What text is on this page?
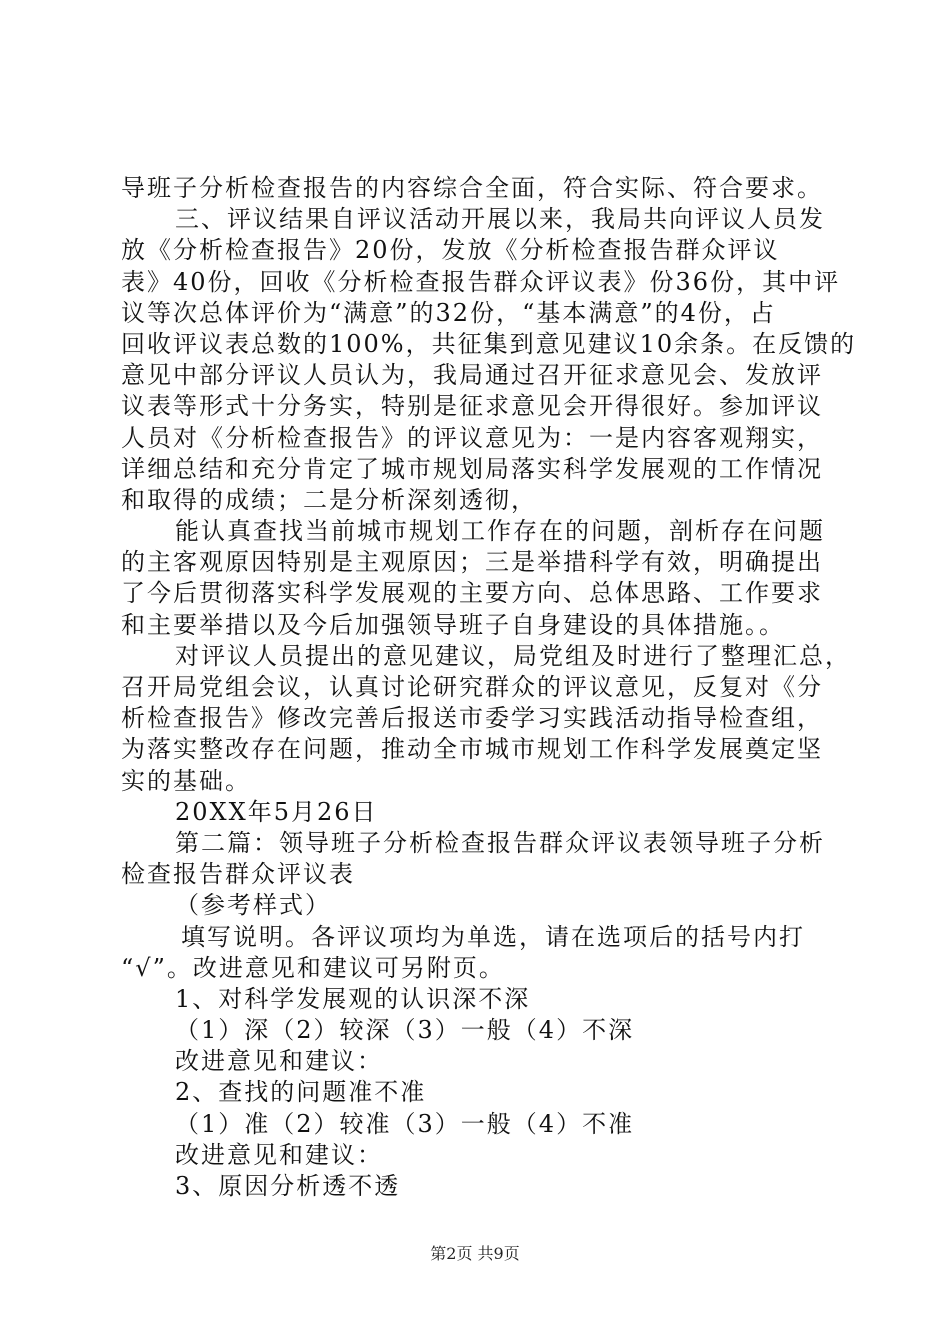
导班子分析检查报告的内容综合全面，符合实际、符合要求。
三、评议结果自评议活动开展以来，我局共向评议人员发
放《分析检查报告》20份，发放《分析检查报告群众评议
表》40份，回收《分析检查报告群众评议表》份36份，其中评
议等次总体评价为“满意”的32份，“基本满意”的4份，占
回收评议表总数的100%，共征集到意见建议10余条。在反馈的
意见中部分评议人员认为，我局通过召开征求意见会、发放评
议表等形式十分务实，特别是征求意见会开得很好。参加评议
人员对《分析检查报告》的评议意见为：一是内容客观翔实，
详细总结和充分肯定了城市规划局落实科学发展观的工作情况
和取得的成绩；二是分析深刻透彻，
能认真查找当前城市规划工作存在的问题，剖析存在问题
的主客观原因特别是主观原因；三是举措科学有效，明确提出
了今后贯彻落实科学发展观的主要方向、总体思路、工作要求
和主要举措以及今后加强领导班子自身建设的具体措施。。
对评议人员提出的意见建议，局党组及时进行了整理汇总，
召开局党组会议，认真讨论研究群众的评议意见，反复对《分
析检查报告》修改完善后报送市委学习实践活动指导检查组，
为落实整改存在问题，推动全市城市规划工作科学发展奠定坚
实的基础。
20XX年5月26日
第二篇：领导班子分析检查报告群众评议表领导班子分析
检查报告群众评议表
（参考样式）
填写说明。各评议项均为单选，请在选项后的括号内打
“√”。改进意见和建议可另附页。
1、对科学发展观的认识深不深
（1）深（2）较深（3）一般（4）不深
改进意见和建议：
2、查找的问题准不准
（1）准（2）较准（3）一般（4）不准
改进意见和建议：
3、原因分析透不透
第2页 共9页
